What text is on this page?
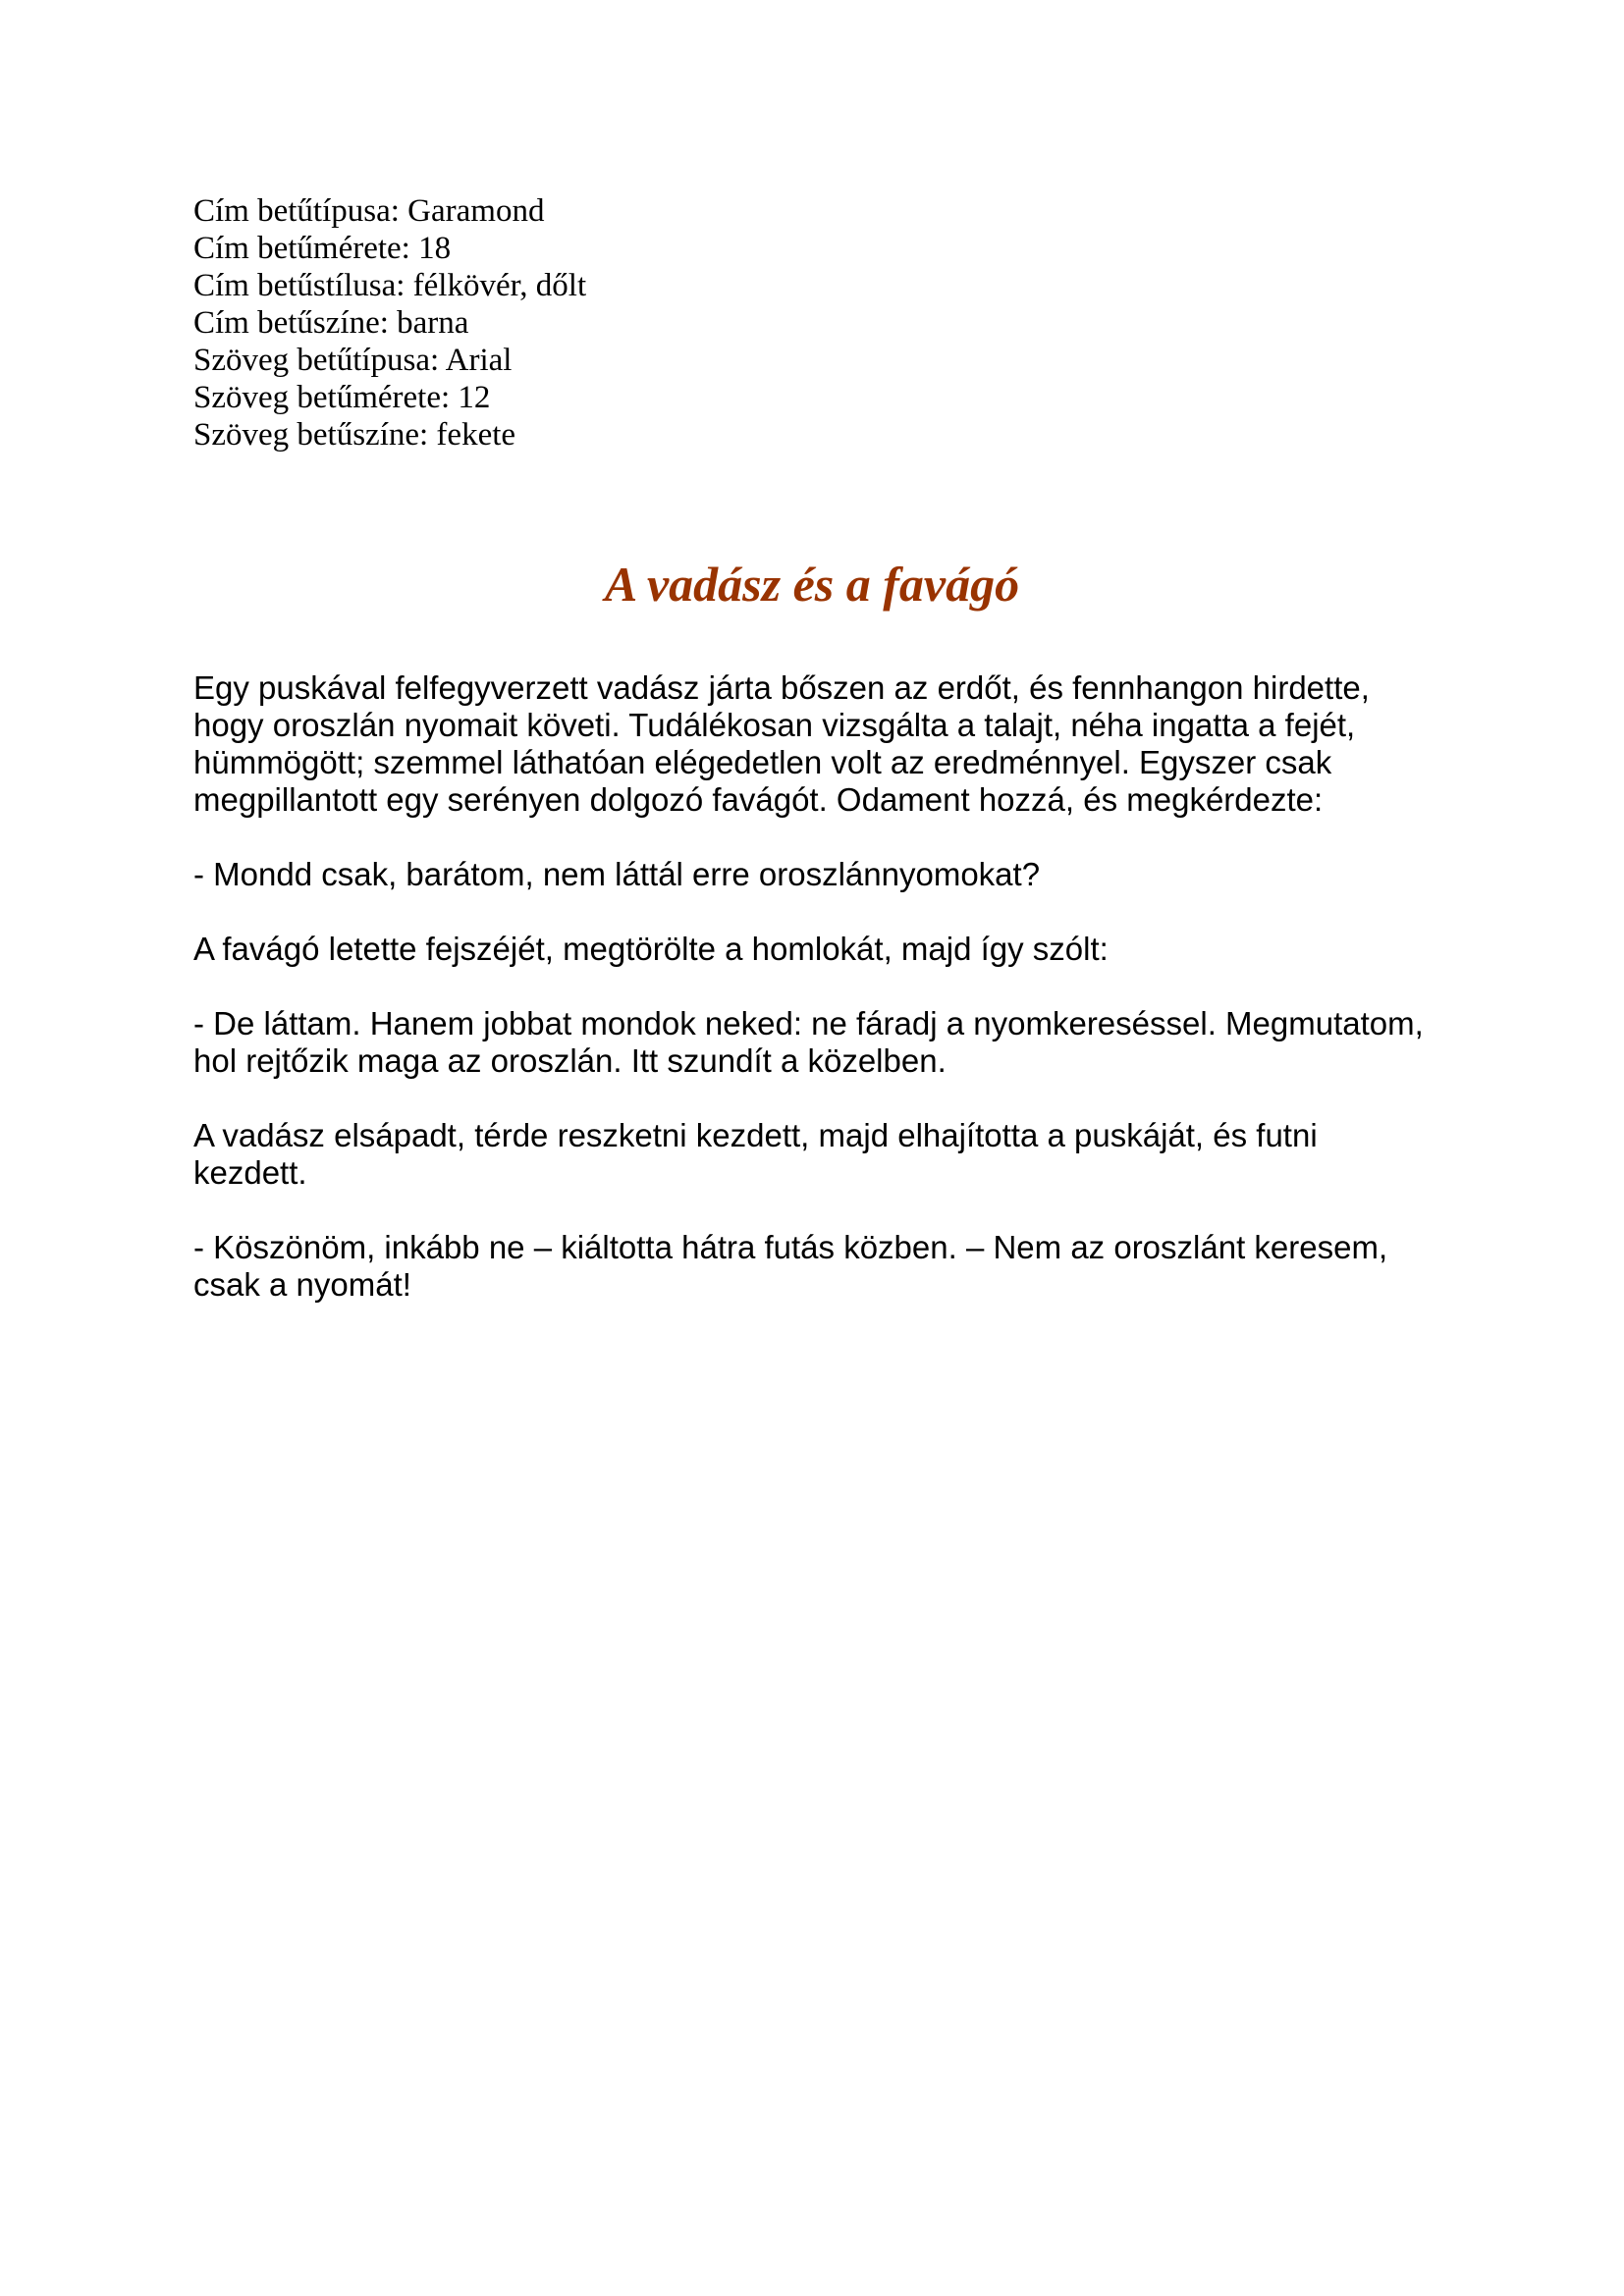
Cím betűtípusa: Garamond
Cím betűmérete: 18
Cím betűstílusa: félkövér, dőlt
Cím betűszíne: barna
Szöveg betűtípusa: Arial
Szöveg betűmérete: 12
Szöveg betűszíne: fekete
A vadász és a favágó

Egy puskával felfegyverzett vadász járta bőszen az erdőt, és fennhangon hirdette, hogy oroszlán nyomait követi. Tudálékosan vizsgálta a talajt, néha ingatta a fejét, hümmögött; szemmel láthatóan elégedetlen volt az eredménnyel. Egyszer csak megpillantott egy serényen dolgozó favágót. Odament hozzá, és megkérdezte:

- Mondd csak, barátom, nem láttál erre oroszlánnyomokat?

A favágó letette fejszéjét, megtörölte a homlokát, majd így szólt:

- De láttam. Hanem jobbat mondok neked: ne fáradj a nyomkereséssel. Megmutatom, hol rejtőzik maga az oroszlán. Itt szundít a közelben.

A vadász elsápadt, térde reszketni kezdett, majd elhajította a puskáját, és futni kezdett.

- Köszönöm, inkább ne – kiáltotta hátra futás közben. – Nem az oroszlánt keresem, csak a nyomát!
